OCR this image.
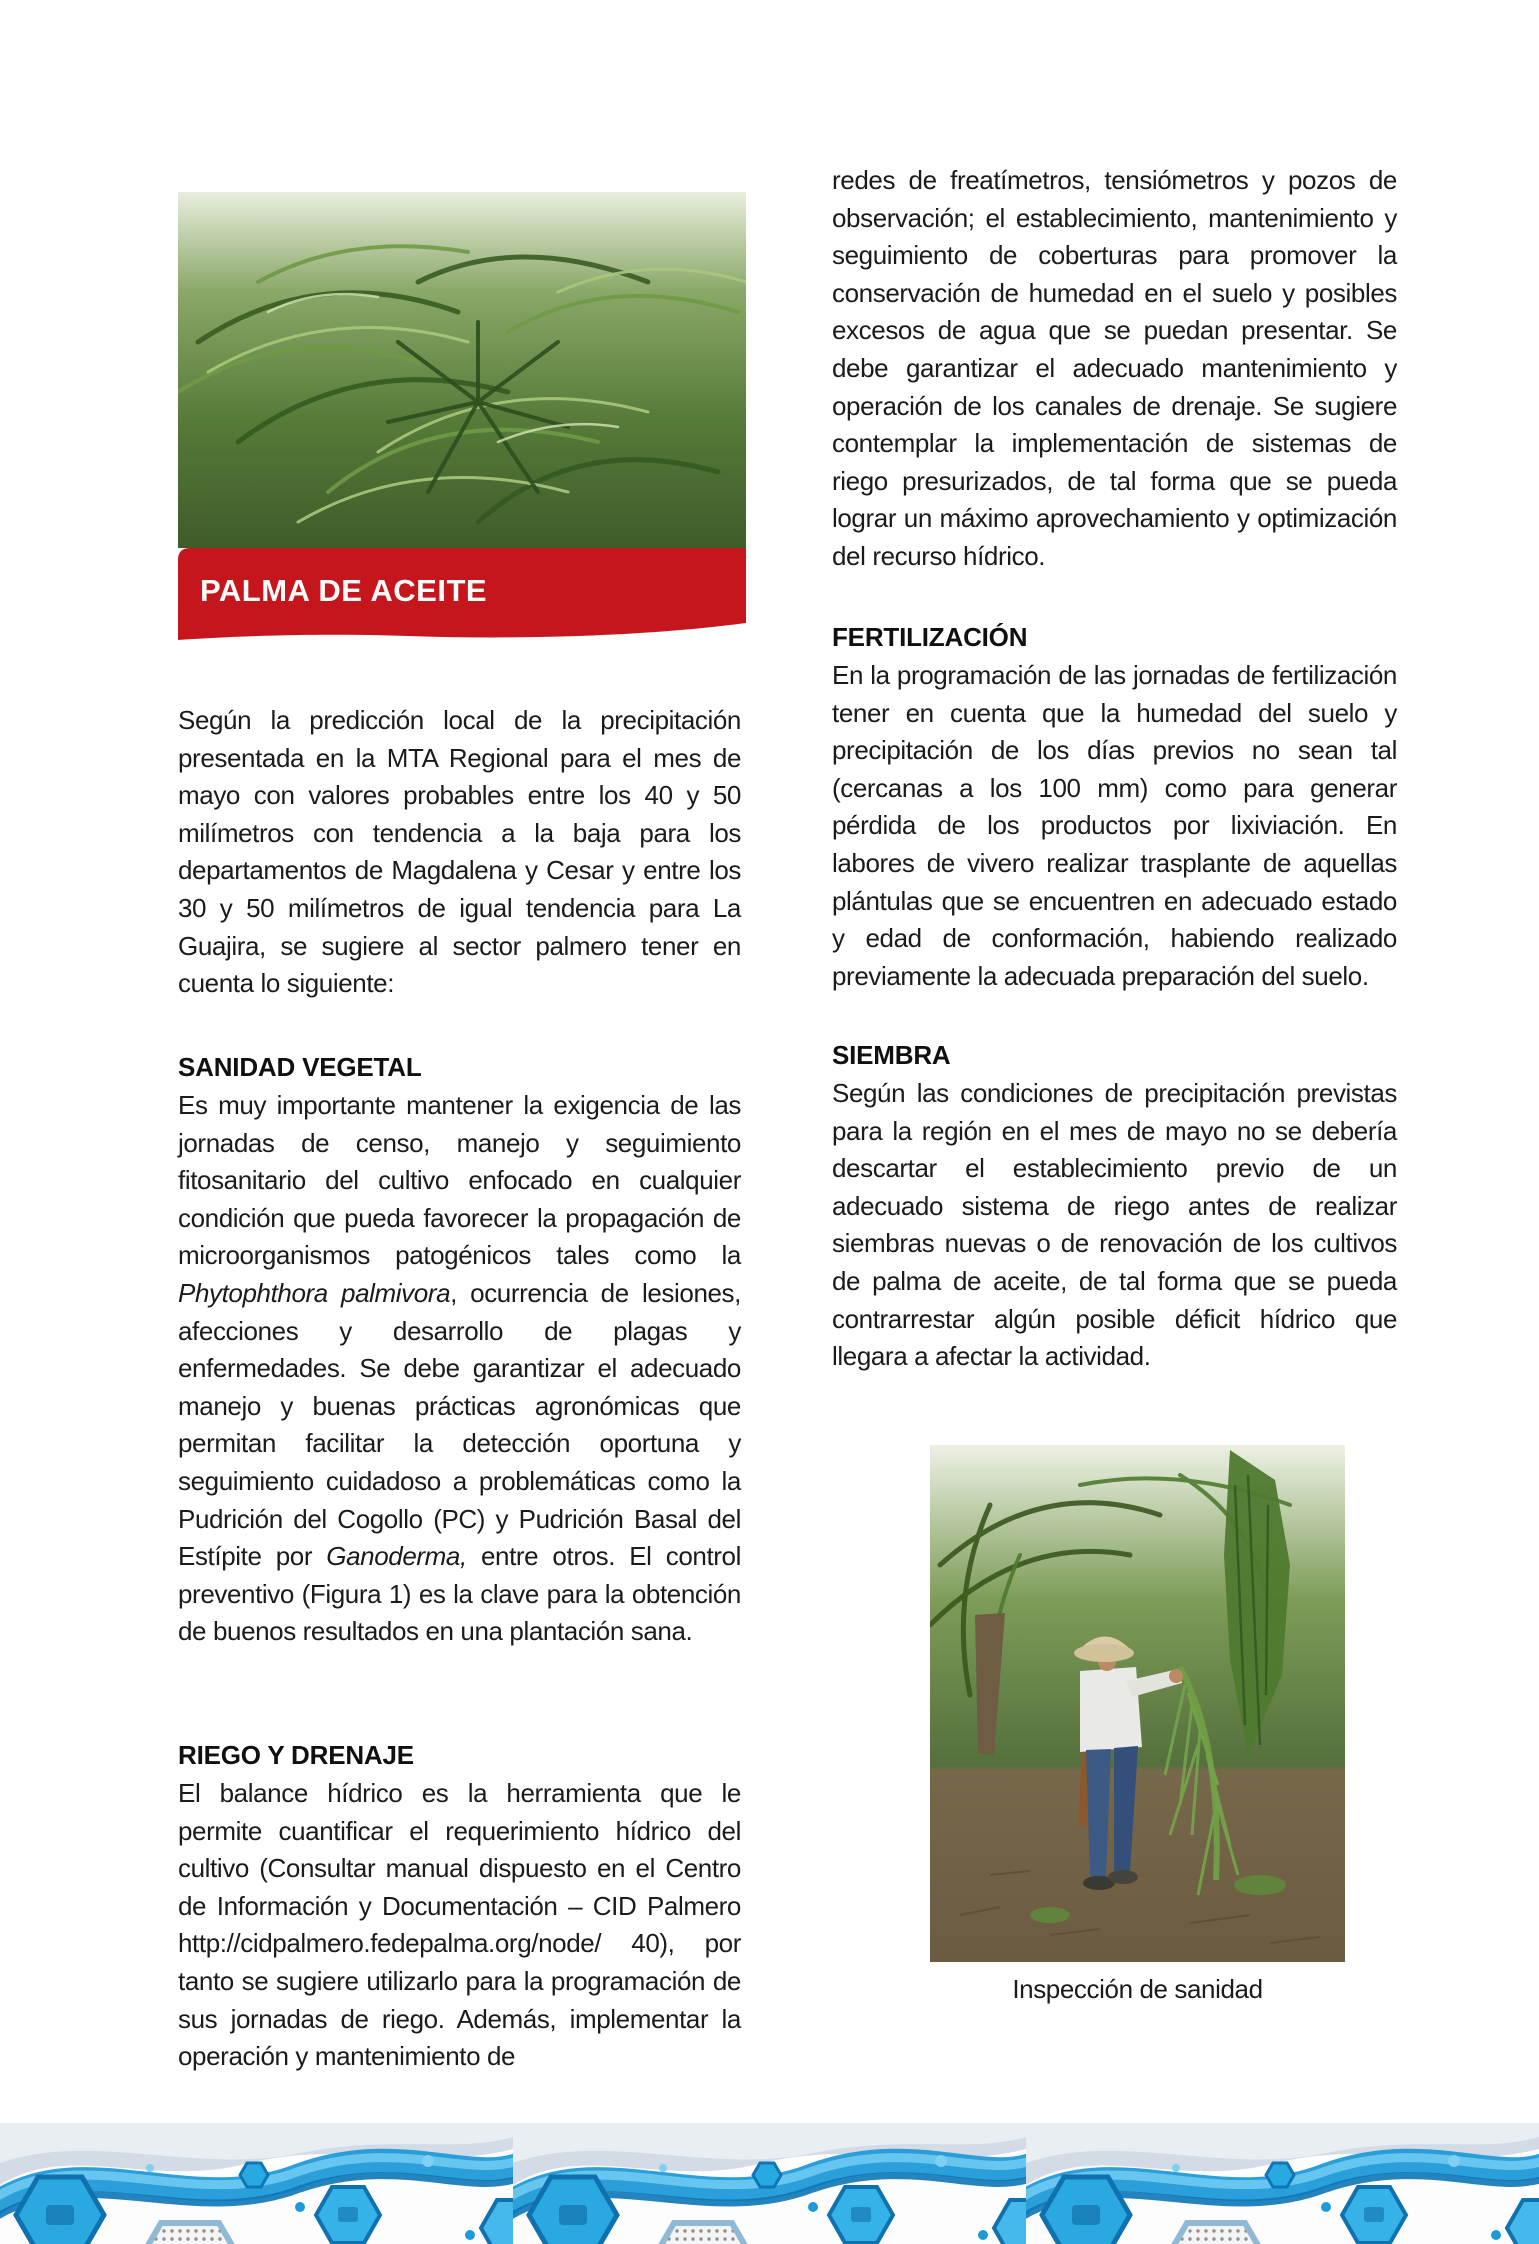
PALMA DE ACEITE

Según la predicción local de la precipitación presentada en la MTA Regional para el mes de mayo con valores probables entre los 40 y 50 milímetros con tendencia a la baja para los departamentos de Magdalena y Cesar y entre los 30 y 50 milímetros de igual tendencia para La Guajira, se sugiere al sector palmero tener en cuenta lo siguiente:

SANIDAD VEGETAL

Es muy importante mantener la exigencia de las jornadas de censo, manejo y seguimiento fitosanitario del cultivo enfocado en cualquier condición que pueda favorecer la propagación de microorganismos patogénicos tales como la Phytophthora palmivora, ocurrencia de lesiones, afecciones y desarrollo de plagas y enfermedades. Se debe garantizar el adecuado manejo y buenas prácticas agronómicas que permitan facilitar la detección oportuna y seguimiento cuidadoso a problemáticas como la Pudrición del Cogollo (PC) y Pudrición Basal del Estípite por Ganoderma, entre otros. El control preventivo (Figura 1) es la clave para la obtención de buenos resultados en una plantación sana.

RIEGO Y DRENAJE

El balance hídrico es la herramienta que le permite cuantificar el requerimiento hídrico del cultivo (Consultar manual dispuesto en el Centro de Información y Documentación – CID Palmero http://cidpalmero.fedepalma.org/node/ 40), por tanto se sugiere utilizarlo para la programación de sus jornadas de riego. Además, implementar la operación y mantenimiento de

redes de freatímetros, tensiómetros y pozos de observación; el establecimiento, mantenimiento y seguimiento de coberturas para promover la conservación de humedad en el suelo y posibles excesos de agua que se puedan presentar. Se debe garantizar el adecuado mantenimiento y operación de los canales de drenaje. Se sugiere contemplar la implementación de sistemas de riego presurizados, de tal forma que se pueda lograr un máximo aprovechamiento y optimización del recurso hídrico.

FERTILIZACIÓN

En la programación de las jornadas de fertilización tener en cuenta que la humedad del suelo y precipitación de los días previos no sean tal (cercanas a los 100 mm) como para generar pérdida de los productos por lixiviación. En labores de vivero realizar trasplante de aquellas plántulas que se encuentren en adecuado estado y edad de conformación, habiendo realizado previamente la adecuada preparación del suelo.

SIEMBRA

Según las condiciones de precipitación previstas para la región en el mes de mayo no se debería descartar el establecimiento previo de un adecuado sistema de riego antes de realizar siembras nuevas o de renovación de los cultivos de palma de aceite, de tal forma que se pueda contrarrestar algún posible déficit hídrico que llegara a afectar la actividad.

Inspección de sanidad
